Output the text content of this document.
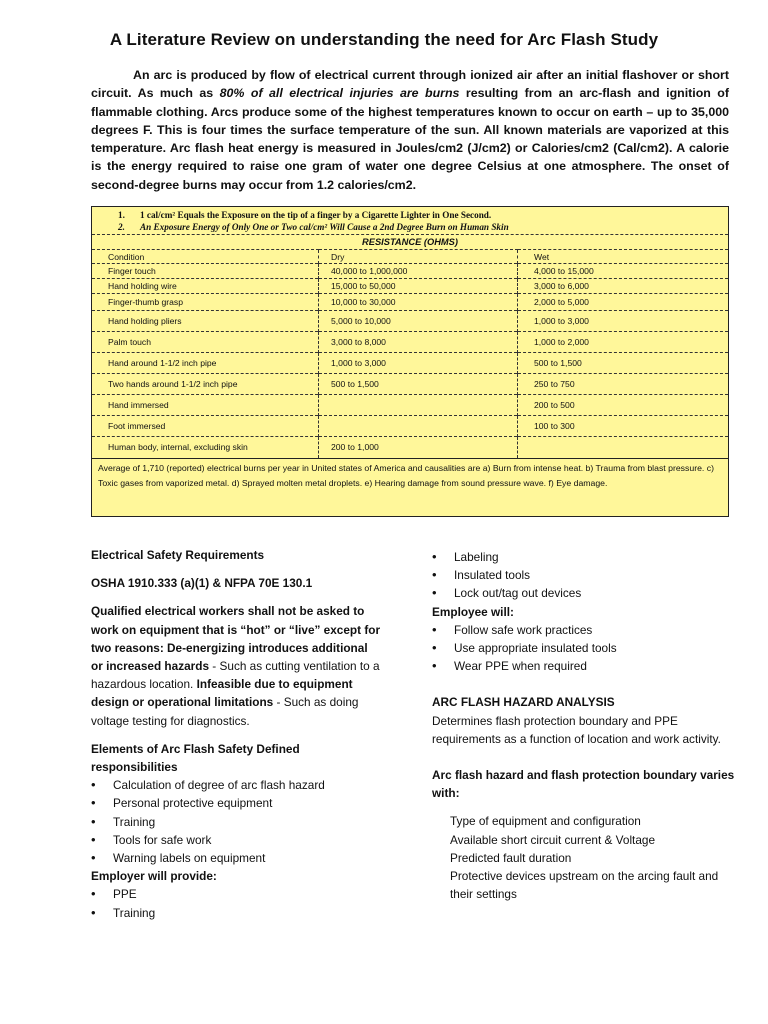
A Literature Review on understanding the need for Arc Flash Study

An arc is produced by flow of electrical current through ionized air after an initial flashover or short circuit. As much as 80% of all electrical injuries are burns resulting from an arc-flash and ignition of flammable clothing. Arcs produce some of the highest temperatures known to occur on earth – up to 35,000 degrees F. This is four times the surface temperature of the sun. All known materials are vaporized at this temperature. Arc flash heat energy is measured in Joules/cm2 (J/cm2) or Calories/cm2 (Cal/cm2). A calorie is the energy required to raise one gram of water one degree Celsius at one atmosphere. The onset of second-degree burns may occur from 1.2 calories/cm2.

1. 1 cal/cm² Equals the Exposure on the tip of a finger by a Cigarette Lighter in One Second.
2. An Exposure Energy of Only One or Two cal/cm² Will Cause a 2nd Degree Burn on Human Skin
RESISTANCE (OHMS)
Condition	Dry	Wet
Finger touch	40,000 to 1,000,000	4,000 to 15,000
Hand holding wire	15,000 to 50,000	3,000 to 6,000
Finger-thumb grasp	10,000 to 30,000	2,000 to 5,000
Hand holding pliers	5,000 to 10,000	1,000 to 3,000
Palm touch	3,000 to 8,000	1,000 to 2,000
Hand around 1-1/2 inch pipe	1,000 to 3,000	500 to 1,500
Two hands around 1-1/2 inch pipe	500 to 1,500	250 to 750
Hand immersed		200 to 500
Foot immersed		100 to 300
Human body, internal, excluding skin	200 to 1,000	
Average of 1,710 (reported) electrical burns per year in United states of America and causalities are a) Burn from intense heat. b) Trauma from blast pressure. c) Toxic gases from vaporized metal. d) Sprayed molten metal droplets. e) Hearing damage from sound pressure wave. f) Eye damage.

Electrical Safety Requirements

OSHA 1910.333 (a)(1) & NFPA 70E 130.1

Qualified electrical workers shall not be asked to work on equipment that is “hot” or “live” except for two reasons: De-energizing introduces additional or increased hazards - Such as cutting ventilation to a hazardous location. Infeasible due to equipment design or operational limitations - Such as doing voltage testing for diagnostics.

Elements of Arc Flash Safety Defined responsibilities

• Calculation of degree of arc flash hazard
• Personal protective equipment
• Training
• Tools for safe work
• Warning labels on equipment

Employer will provide:

• PPE
• Training
• Labeling
• Insulated tools
• Lock out/tag out devices

Employee will:

• Follow safe work practices
• Use appropriate insulated tools
• Wear PPE when required

ARC FLASH HAZARD ANALYSIS

Determines flash protection boundary and PPE requirements as a function of location and work activity.

Arc flash hazard and flash protection boundary varies with:

Type of equipment and configuration
Available short circuit current & Voltage
Predicted fault duration
Protective devices upstream on the arcing fault and their settings
